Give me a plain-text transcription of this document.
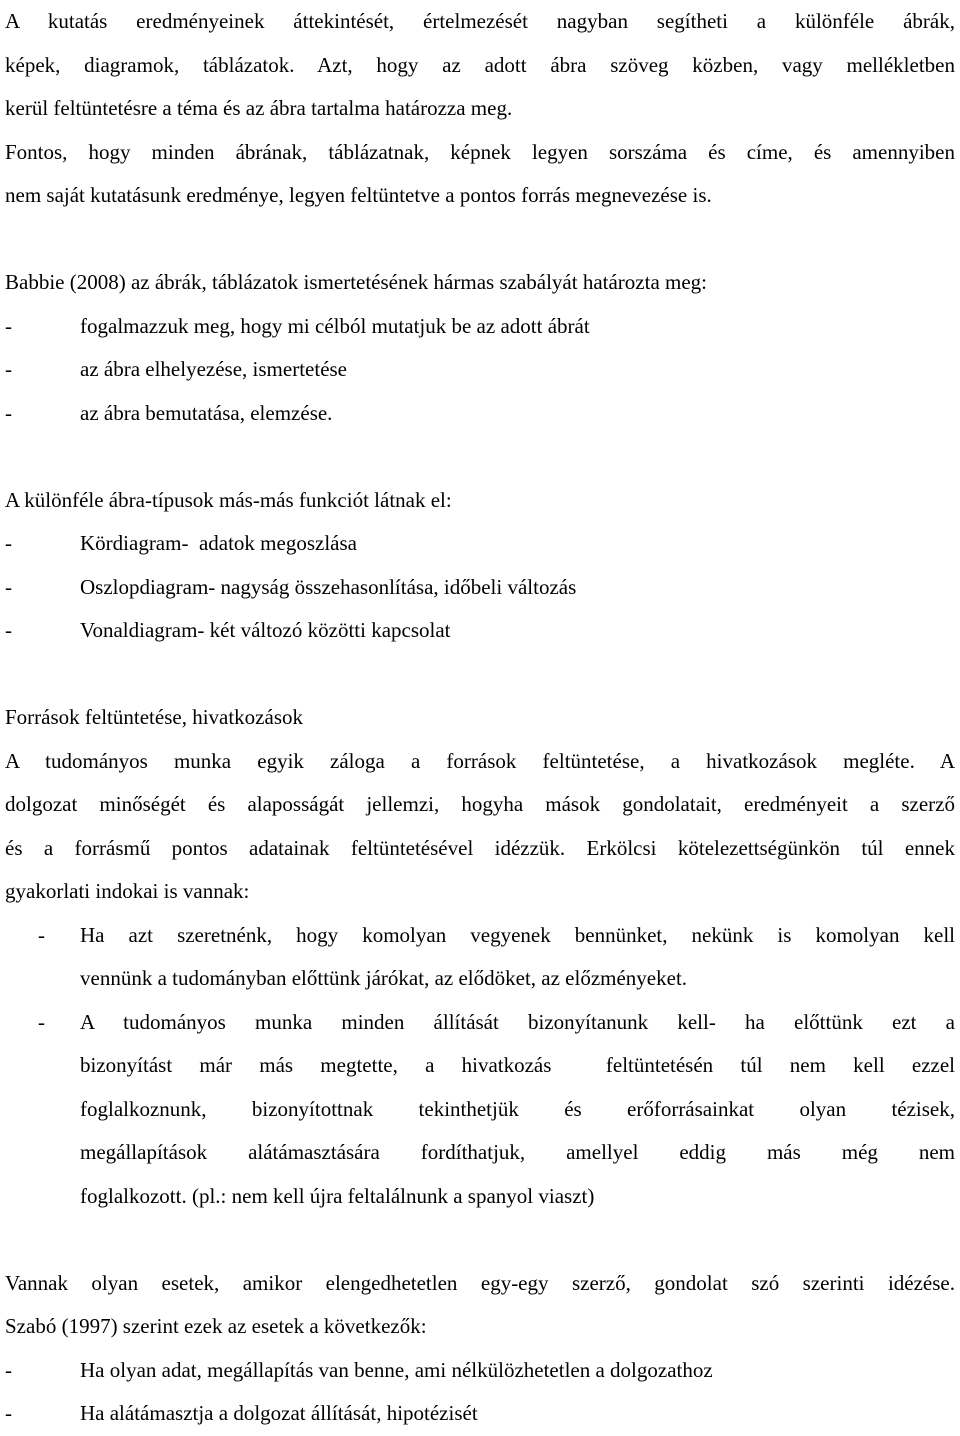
A kutatás eredményeinek áttekintését, értelmezését nagyban segítheti a különféle ábrák,
képek, diagramok, táblázatok. Azt, hogy az adott ábra szöveg közben, vagy mellékletben
kerül feltüntetésre a téma és az ábra tartalma határozza meg.
Fontos, hogy minden ábrának, táblázatnak, képnek legyen sorszáma és címe, és amennyiben
nem saját kutatásunk eredménye, legyen feltüntetve a pontos forrás megnevezése is.
Babbie (2008) az ábrák, táblázatok ismertetésének hármas szabályát határozta meg:
-	fogalmazzuk meg, hogy mi célból mutatjuk be az adott ábrát
-	az ábra elhelyezése, ismertetése
-	az ábra bemutatása, elemzése.
A különféle ábra-típusok más-más funkciót látnak el:
-	Kördiagram-  adatok megoszlása
-	Oszlopdiagram- nagyság összehasonlítása, időbeli változás
-	Vonaldiagram- két változó közötti kapcsolat
Források feltüntetése, hivatkozások
A tudományos munka egyik záloga a források feltüntetése, a hivatkozások megléte. A
dolgozat minőségét és alaposságát jellemzi, hogyha mások gondolatait, eredményeit a szerző
és a forrásmű pontos adatainak feltüntetésével idézzük. Erkölcsi kötelezettségünkön túl ennek
gyakorlati indokai is vannak:
- Ha azt szeretnénk, hogy komolyan vegyenek bennünket, nekünk is komolyan kell
vennünk a tudományban előttünk járókat, az elődöket, az előzményeket.
- A tudományos munka minden állítását bizonyítanunk kell- ha előttünk ezt a
bizonyítást már más megtette, a hivatkozás  feltüntetésén túl nem kell ezzel
foglalkoznunk, bizonyítottnak tekinthetjük és erőforrásainkat olyan tézisek,
megállapítások alátámasztására fordíthatjuk, amellyel eddig más még nem
foglalkozott. (pl.: nem kell újra feltalálnunk a spanyol viaszt)
Vannak olyan esetek, amikor elengedhetetlen egy-egy szerző, gondolat szó szerinti idézése.
Szabó (1997) szerint ezek az esetek a következők:
-	Ha olyan adat, megállapítás van benne, ami nélkülözhetetlen a dolgozathoz
-	Ha alátámasztja a dolgozat állítását, hipotézisét
